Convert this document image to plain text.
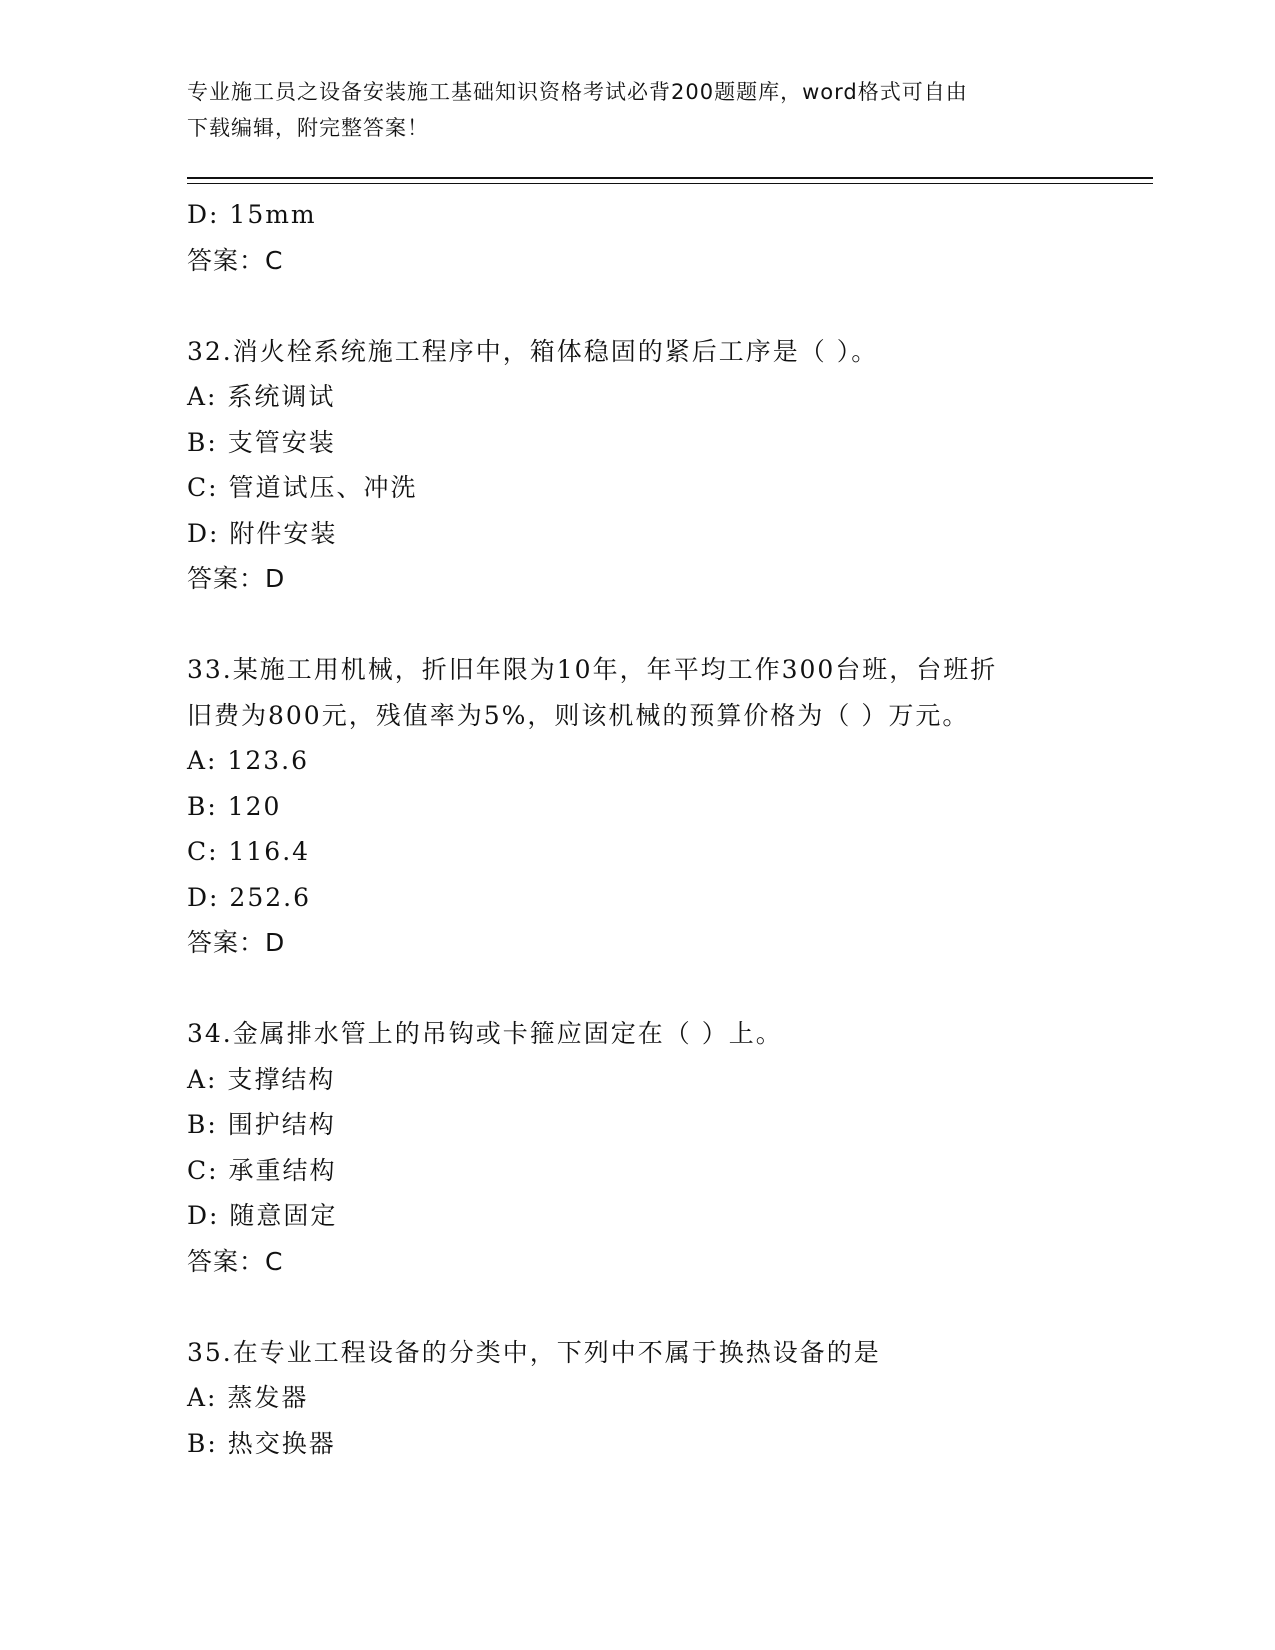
专业施工员之设备安装施工基础知识资格考试必背200题题库，word格式可自由
下载编辑，附完整答案！
D: 15mm
答案：C
32.消火栓系统施工程序中，箱体稳固的紧后工序是（ ）。
A: 系统调试
B: 支管安装
C: 管道试压、冲洗
D: 附件安装
答案：D
33.某施工用机械，折旧年限为10年，年平均工作300台班，台班折
旧费为800元，残值率为5%，则该机械的预算价格为（ ）万元。
A: 123.6
B: 120
C: 116.4
D: 252.6
答案：D
34.金属排水管上的吊钩或卡箍应固定在（ ）上。
A: 支撑结构
B: 围护结构
C: 承重结构
D: 随意固定
答案：C
35.在专业工程设备的分类中，下列中不属于换热设备的是
A: 蒸发器
B: 热交换器
